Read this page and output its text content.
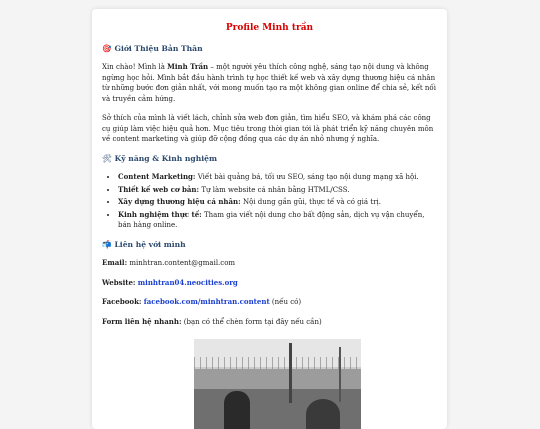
Profile Minh trần
🎯 Giới Thiệu Bản Thân

Xin chào! Mình là Minh Trần – một người yêu thích công nghệ, sáng tạo nội dung và không ngừng học hỏi. Mình bắt đầu hành trình tự học thiết kế web và xây dựng thương hiệu cá nhân từ những bước đơn giản nhất, với mong muốn tạo ra một không gian online để chia sẻ, kết nối và truyền cảm hứng.

Sở thích của mình là viết lách, chỉnh sửa web đơn giản, tìm hiểu SEO, và khám phá các công cụ giúp làm việc hiệu quả hơn. Mục tiêu trong thời gian tới là phát triển kỹ năng chuyên môn về content marketing và giúp đỡ cộng đồng qua các dự án nhỏ nhưng ý nghĩa.

🛠 Kỹ năng & Kinh nghiệm
• Content Marketing: Viết bài quảng bá, tối ưu SEO, sáng tạo nội dung mạng xã hội.
• Thiết kế web cơ bản: Tự làm website cá nhân bằng HTML/CSS.
• Xây dựng thương hiệu cá nhân: Nội dung gần gũi, thực tế và có giá trị.
• Kinh nghiệm thực tế: Tham gia viết nội dung cho bất động sản, dịch vụ vận chuyển, bán hàng online.
📬 Liên hệ với mình

Email: minhtran.content@gmail.com

Website: minhtran04.neocities.org

Facebook: facebook.com/minhtran.content (nếu có)

Form liên hệ nhanh: (bạn có thể chèn form tại đây nếu cần)
